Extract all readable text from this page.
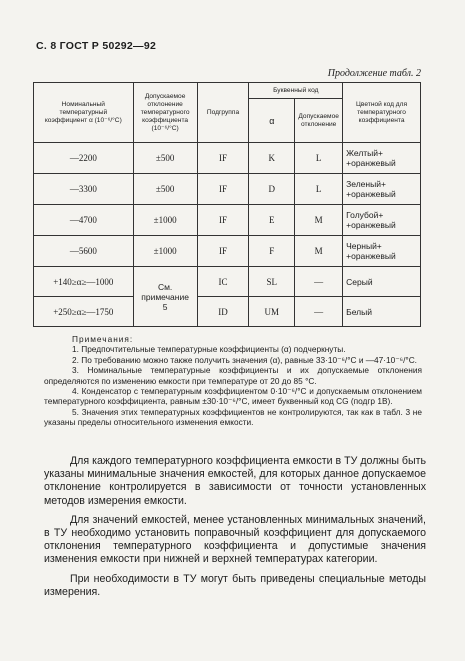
С. 8 ГОСТ Р 50292—92
Продолжение табл. 2
Номинальный температурный коэффициент α (10⁻⁶/°С)	Допускаемое отклонение температурного коэффициента (10⁻⁶/°С)	Подгруппа	Буквенный код		Цветной код для температурного коэффициента
			α	Допускаемое отклонение	
—2200	±500	IF	K	L	Желтый+ +оранжевый
—3300	±500	IF	D	L	Зеленый+ +оранжевый
—4700	±1000	IF	E	M	Голубой+ +оранжевый
—5600	±1000	IF	F	M	Черный+ +оранжевый
+140≥α≥—1000	См. примечание 5	IC	SL	—	Серый
+250≥α≥—1750		ID	UM	—	Белый
Примечания:

1. Предпочтительные температурные коэффициенты (α) подчеркнуты.

2. По требованию можно также получить значения (α), равные 33·10⁻⁶/°С и —47·10⁻⁶/°С.

3. Номинальные температурные коэффициенты и их допускаемые отклонения определяются по изменению емкости при температуре от 20 до 85 °С.

4. Конденсатор с температурным коэффициентом 0·10⁻⁶/°С и допускаемым отклонением температурного коэффициента, равным ±30·10⁻⁶/°С, имеет буквенный код CG (подгр 1B).

5. Значения этих температурных коэффициентов не контролируются, так как в табл. 3 не указаны пределы относительного изменения емкости.

Для каждого температурного коэффициента емкости в ТУ должны быть указаны минимальные значения емкостей, для которых данное допускаемое отклонение контролируется в зависимости от точности установленных методов измерения емкости.

Для значений емкостей, менее установленных минимальных значений, в ТУ необходимо установить поправочный коэффициент для допускаемого отклонения температурного коэффициента и допустимые значения изменения емкости при нижней и верхней температурах категории.

При необходимости в ТУ могут быть приведены специальные методы измерения.
